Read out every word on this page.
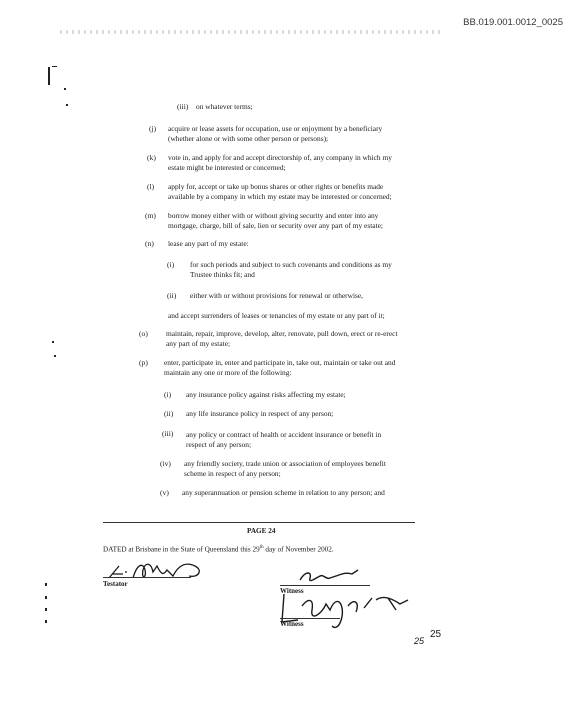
BB.019.001.0012_0025
(iii) on whatever terms;
(j) acquire or lease assets for occupation, use or enjoyment by a beneficiary
(whether alone or with some other person or persons);
(k) vote in, and apply for and accept directorship of, any company in which my
estate might be interested or concerned;
(l) apply for, accept or take up bonus shares or other rights or benefits made
available by a company in which my estate may be interested or concerned;
(m) borrow money either with or without giving security and enter into any
mortgage, charge, bill of sale, lien or security over any part of my estate;
(n) lease any part of my estate:
(i) for such periods and subject to such covenants and conditions as my
Trustee thinks fit; and
(ii) either with or without provisions for renewal or otherwise,
and accept surrenders of leases or tenancies of my estate or any part of it;
(o) maintain, repair, improve, develop, alter, renovate, pull down, erect or re-erect
any part of my estate;
(p) enter, participate in, enter and participate in, take out, maintain or take out and
maintain any one or more of the following:
(i) any insurance policy against risks affecting my estate;
(ii) any life insurance policy in respect of any person;
(iii) any policy or contract of health or accident insurance or benefit in
respect of any person;
(iv) any friendly society, trade union or association of employees benefit
scheme in respect of any person;
(v) any superannuation or pension scheme in relation to any person; and
PAGE 24
DATED at Brisbane in the State of Queensland this 29th day of November 2002.
Testator
Witness
Witness
25
25
